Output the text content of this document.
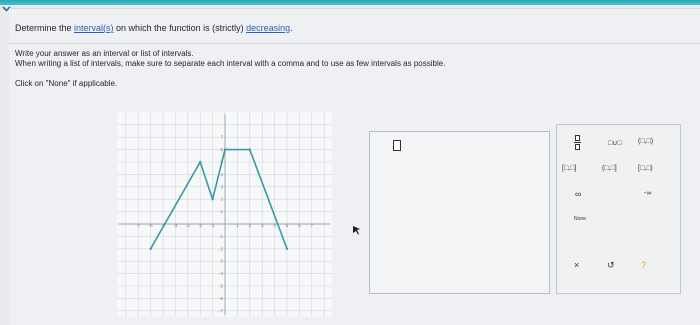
Determine the interval(s) on which the function is (strictly) decreasing.
Write your answer as an interval or list of intervals.
When writing a list of intervals, make sure to separate each interval with a comma and to use as few intervals as possible.
Click on "None" if applicable.
-7 -6 -5 -4 -3 -2 -1	1 2 3 4 5 6 7
7
6
5
4
3
2
1
-1
-2
-3
-4
-5
-6
-7
□∪□ (□,□)
[□,□]	(□,□]	[□,□)
∞	-∞
None
×	↺	?
